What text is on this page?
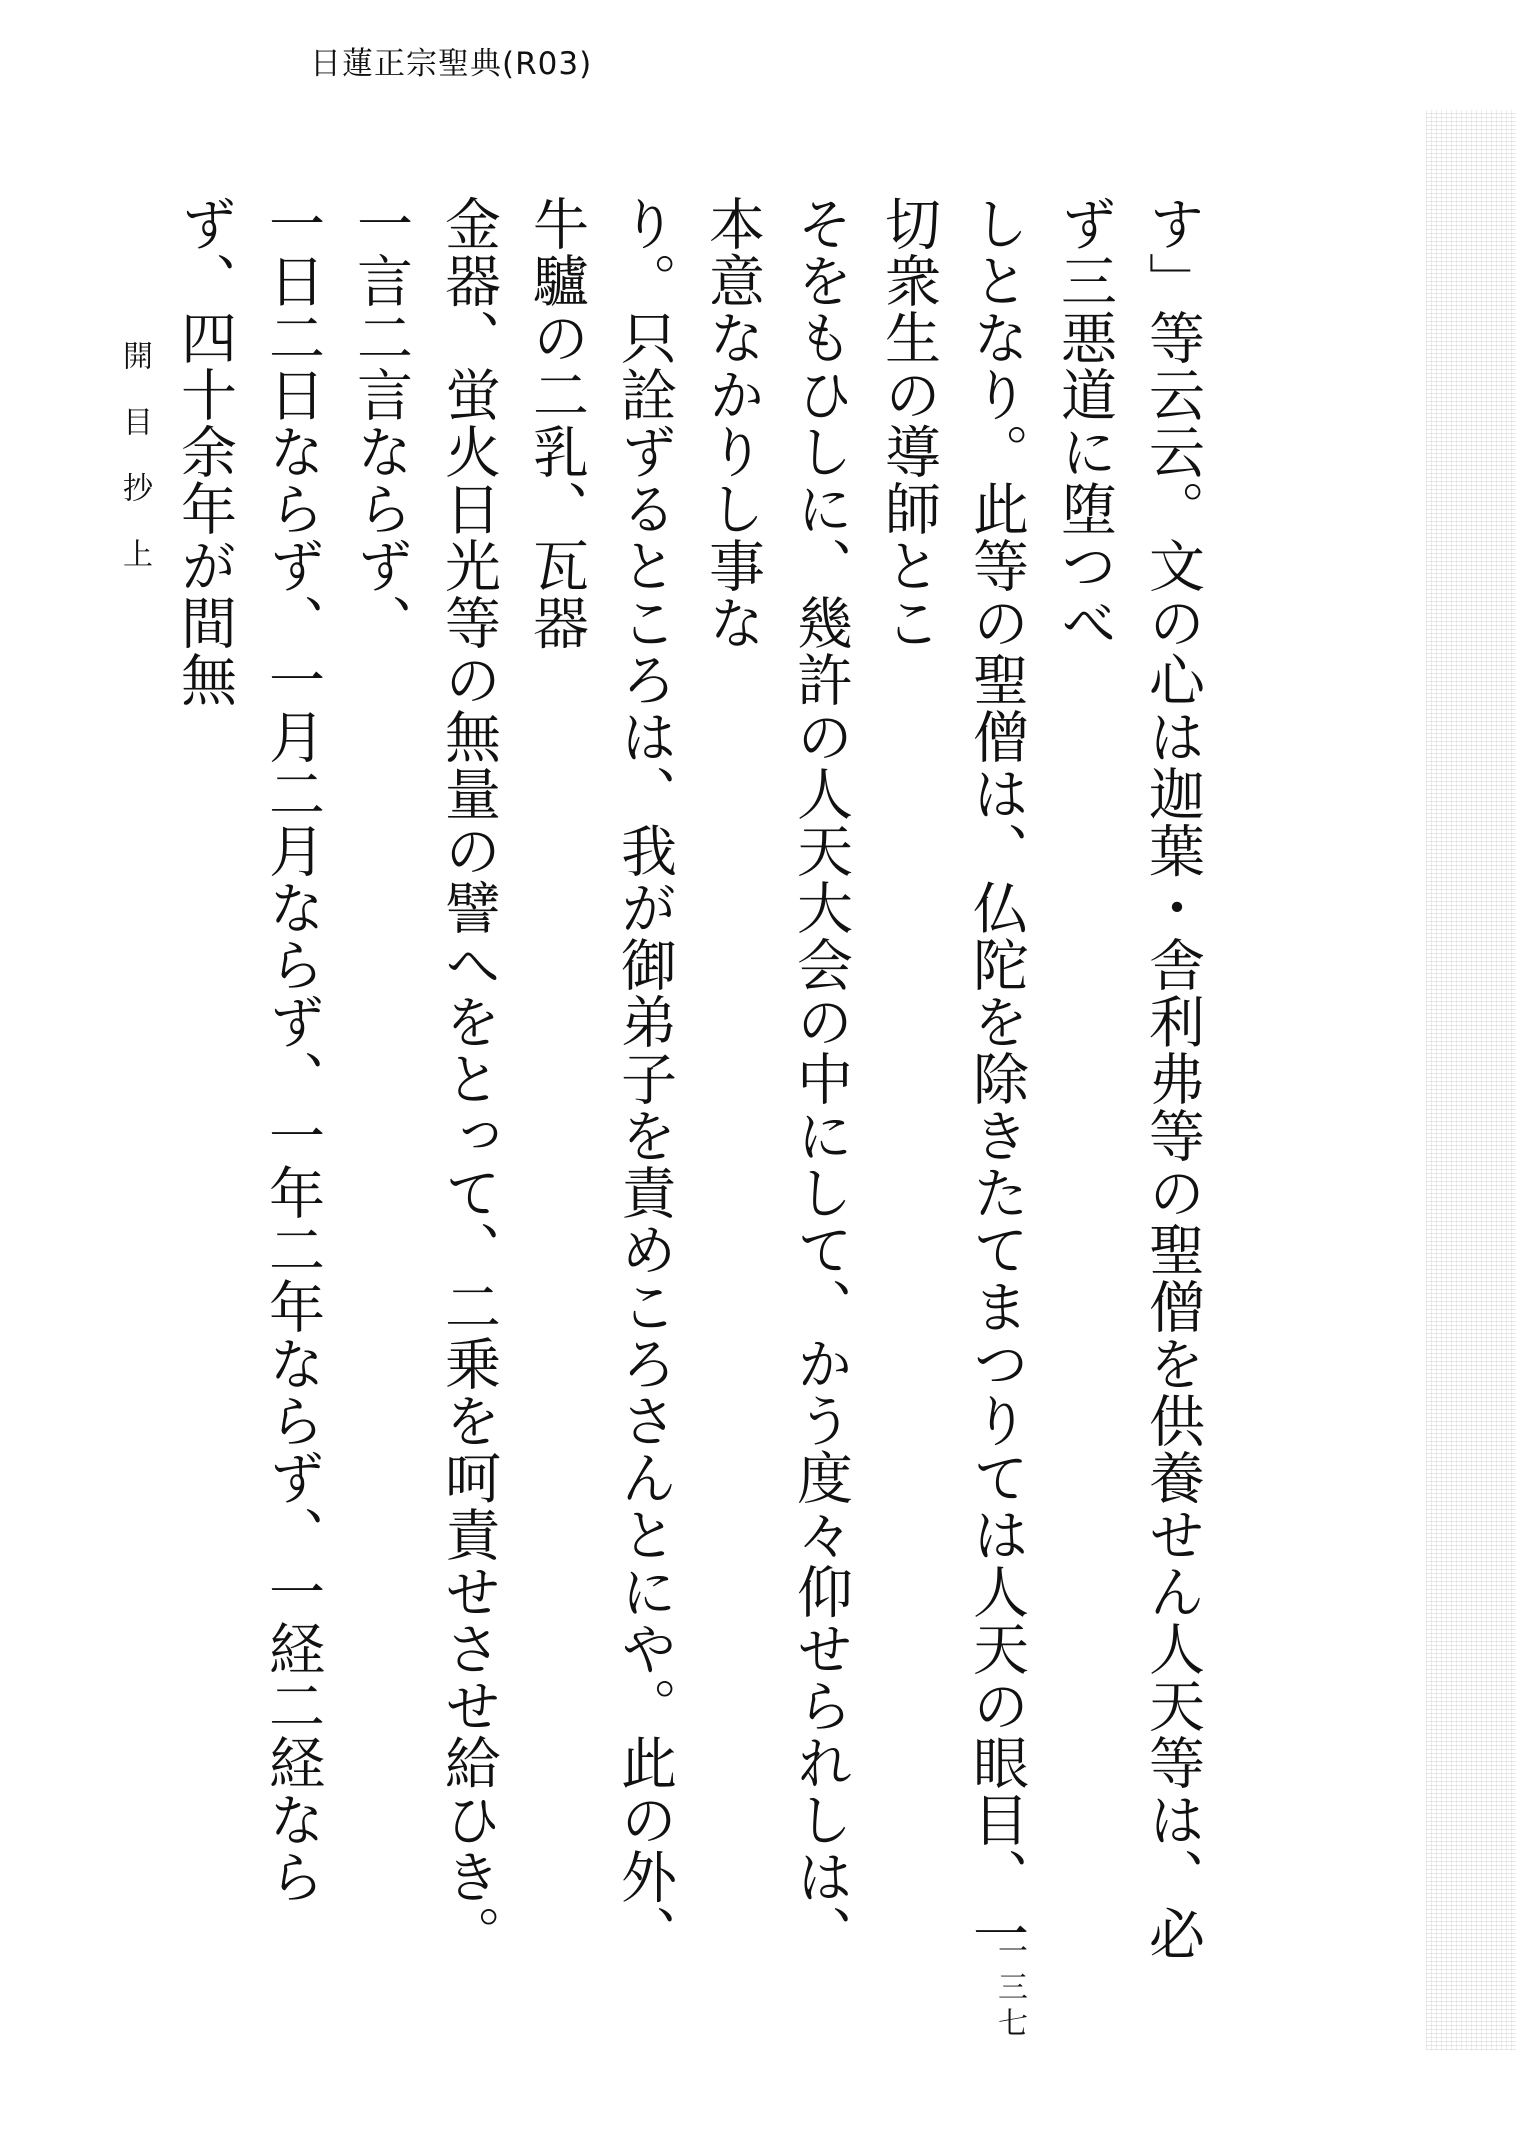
日蓮正宗聖典(R03)

す」等云云。文の心は迦葉・舎利弗等の聖僧を供養せん人天等は、必ず三悪道に堕つべ

しとなり。此等の聖僧は、仏陀を除きたてまつりては人天の眼目、一切衆生の導師とこ

そをもひしに、幾許の人天大会の中にして、かう度々仰せられしは、本意なかりし事な

り。只詮ずるところは、我が御弟子を責めころさんとにや。此の外、牛驢の二乳、瓦器

金器、蛍火日光等の無量の譬へをとって、二乗を呵責せさせ給ひき。一言二言ならず、

一日二日ならず、一月二月ならず、一年二年ならず、一経二経ならず、四十余年が間無

開目抄上
一三七
